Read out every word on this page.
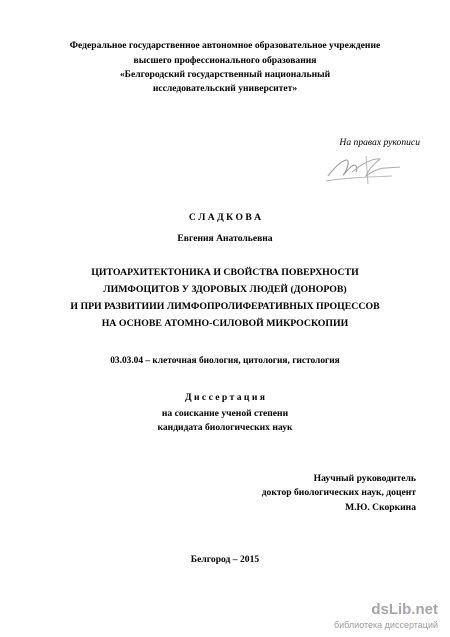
Федеральное государственное автономное образовательное учреждение
высшего профессионального образования
«Белгородский государственный национальный
исследовательский университет»
На правах рукописи
С Л А Д К О В А
Евгения Анатольевна
ЦИТОАРХИТЕКТОНИКА И СВОЙСТВА ПОВЕРХНОСТИ
ЛИМФОЦИТОВ У ЗДОРОВЫХ ЛЮДЕЙ (ДОНОРОВ)
И ПРИ РАЗВИТИИИ ЛИМФОПРОЛИФЕРАТИВНЫХ ПРОЦЕССОВ
НА ОСНОВЕ АТОМНО-СИЛОВОЙ МИКРОСКОПИИ
03.03.04 – клеточная биология, цитология, гистология
Д и с с е р т а ц и я
на соискание ученой степени
кандидата биологических наук
Научный руководитель
доктор биологических наук, доцент
М.Ю. Скоркина
Белгород – 2015
dsLib.net
библиотека диссертаций
